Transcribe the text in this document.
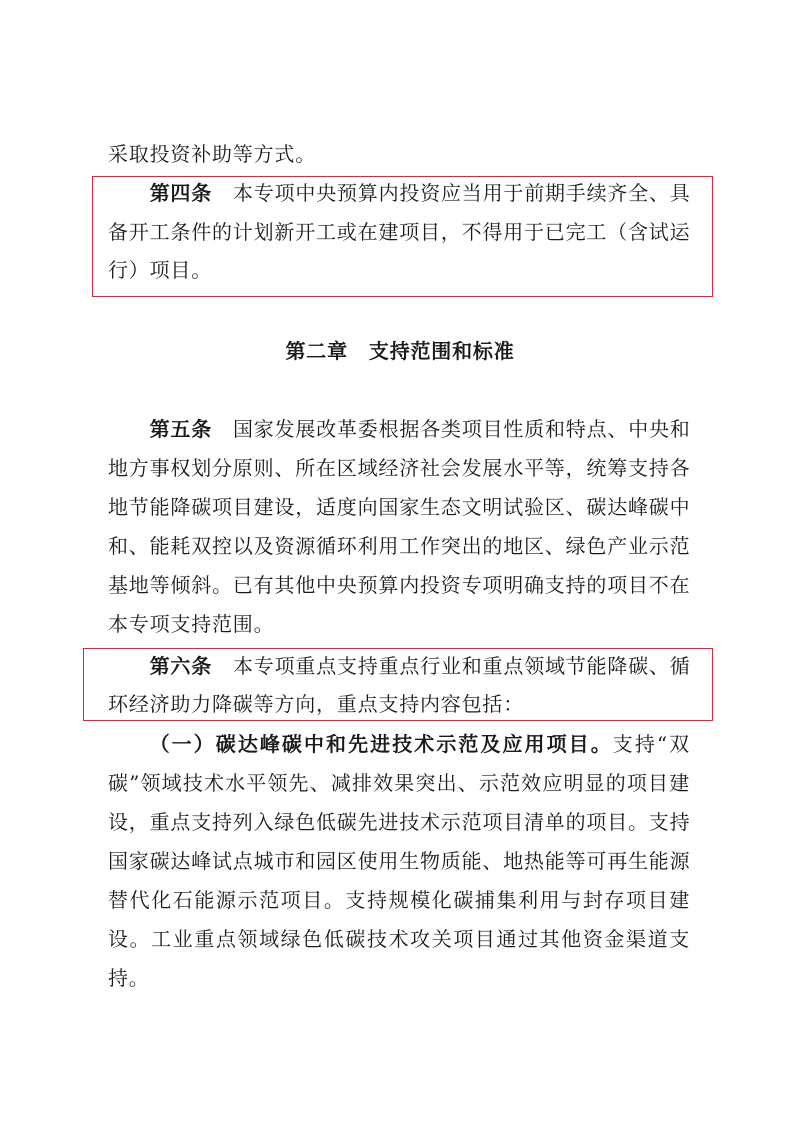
采取投资补助等方式。
第四条 本专项中央预算内投资应当用于前期手续齐全、具
备开工条件的计划新开工或在建项目，不得用于已完工（含试运
行）项目。
第二章 支持范围和标准
第五条 国家发展改革委根据各类项目性质和特点、中央和
地方事权划分原则、所在区域经济社会发展水平等，统筹支持各
地节能降碳项目建设，适度向国家生态文明试验区、碳达峰碳中
和、能耗双控以及资源循环利用工作突出的地区、绿色产业示范
基地等倾斜。已有其他中央预算内投资专项明确支持的项目不在
本专项支持范围。
第六条 本专项重点支持重点行业和重点领域节能降碳、循
环经济助力降碳等方向，重点支持内容包括：
（一）碳达峰碳中和先进技术示范及应用项目。支持“双
碳”领域技术水平领先、减排效果突出、示范效应明显的项目建
设，重点支持列入绿色低碳先进技术示范项目清单的项目。支持
国家碳达峰试点城市和园区使用生物质能、地热能等可再生能源
替代化石能源示范项目。支持规模化碳捕集利用与封存项目建
设。工业重点领域绿色低碳技术攻关项目通过其他资金渠道支
持。
